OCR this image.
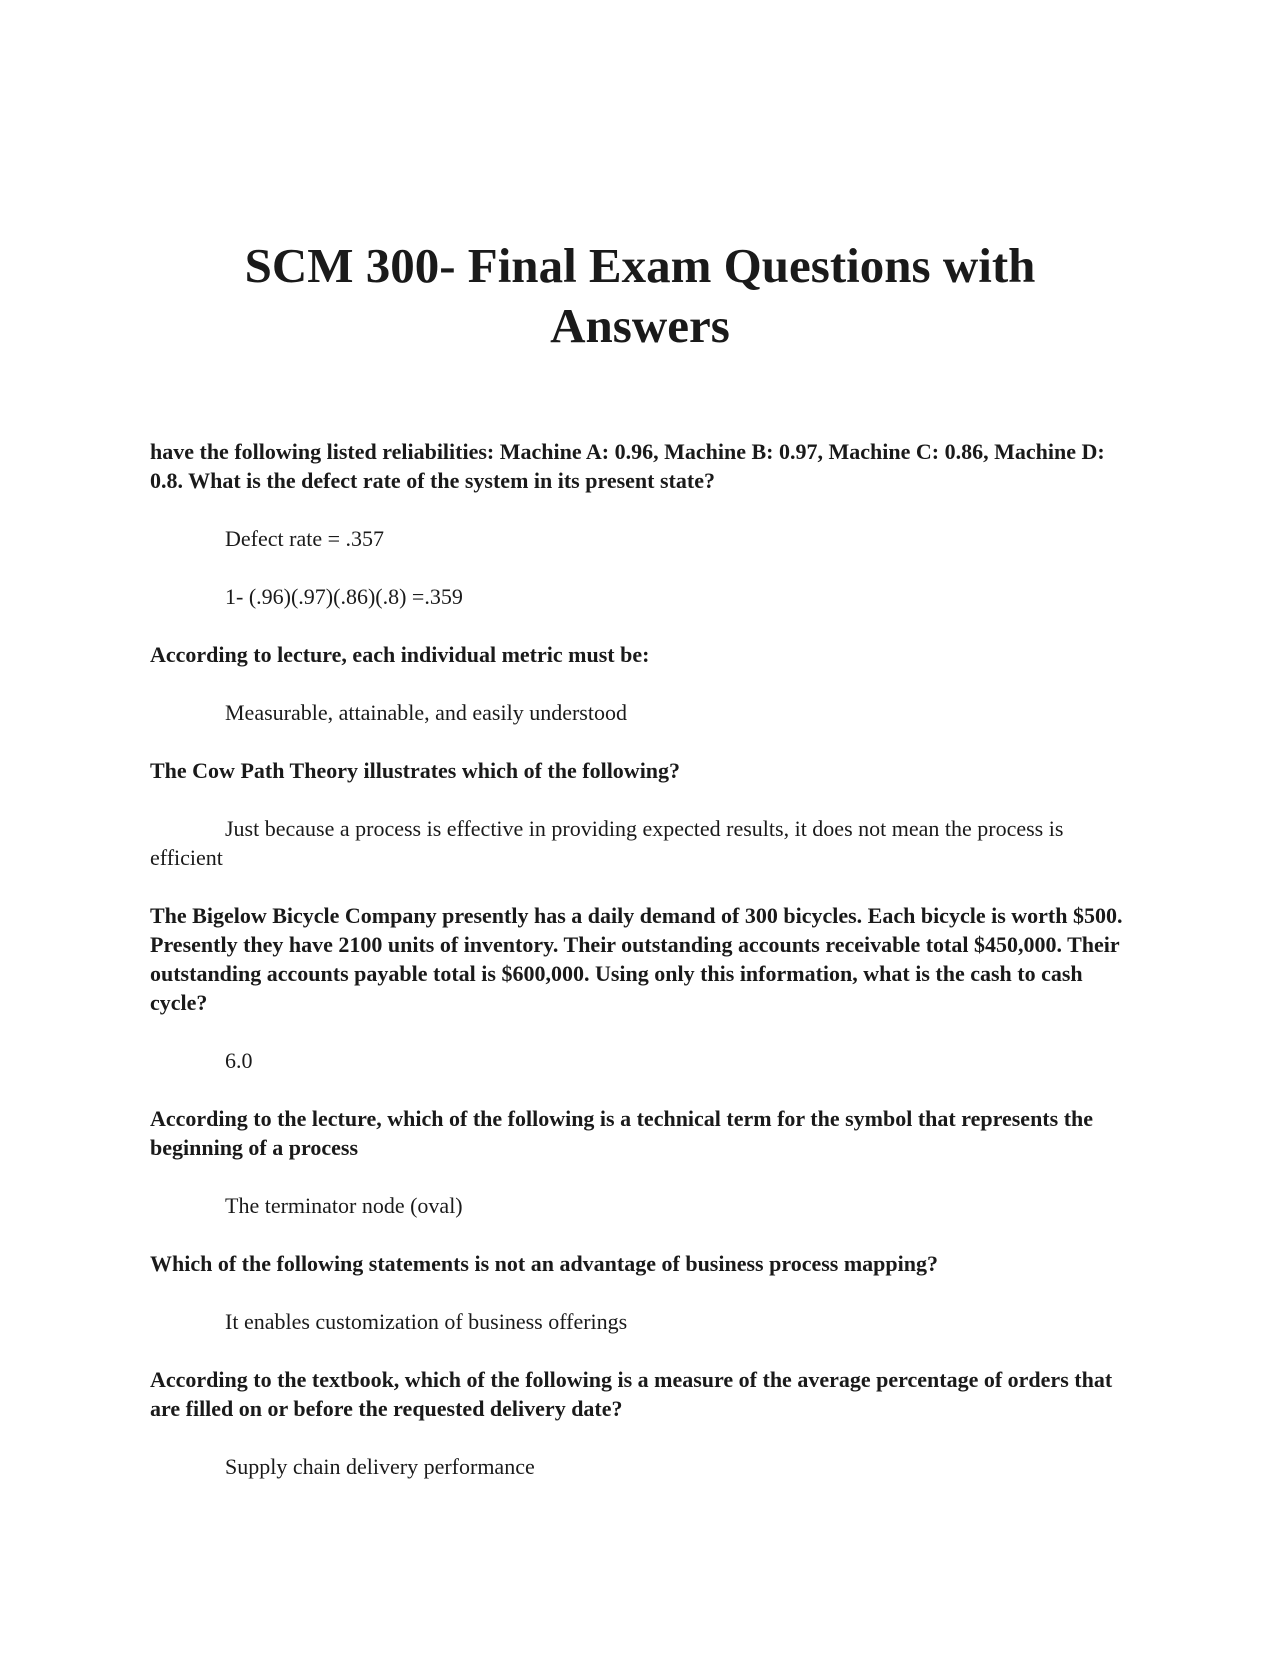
SCM 300- Final Exam Questions with Answers

have the following listed reliabilities: Machine A: 0.96, Machine B: 0.97, Machine C: 0.86, Machine D: 0.8. What is the defect rate of the system in its present state?

Defect rate = .357

1- (.96)(.97)(.86)(.8) =.359

According to lecture, each individual metric must be:

Measurable, attainable, and easily understood

The Cow Path Theory illustrates which of the following?

Just because a process is effective in providing expected results, it does not mean the process is efficient

The Bigelow Bicycle Company presently has a daily demand of 300 bicycles. Each bicycle is worth $500. Presently they have 2100 units of inventory. Their outstanding accounts receivable total $450,000. Their outstanding accounts payable total is $600,000. Using only this information, what is the cash to cash cycle?

6.0

According to the lecture, which of the following is a technical term for the symbol that represents the beginning of a process

The terminator node (oval)

Which of the following statements is not an advantage of business process mapping?

It enables customization of business offerings

According to the textbook, which of the following is a measure of the average percentage of orders that are filled on or before the requested delivery date?

Supply chain delivery performance
